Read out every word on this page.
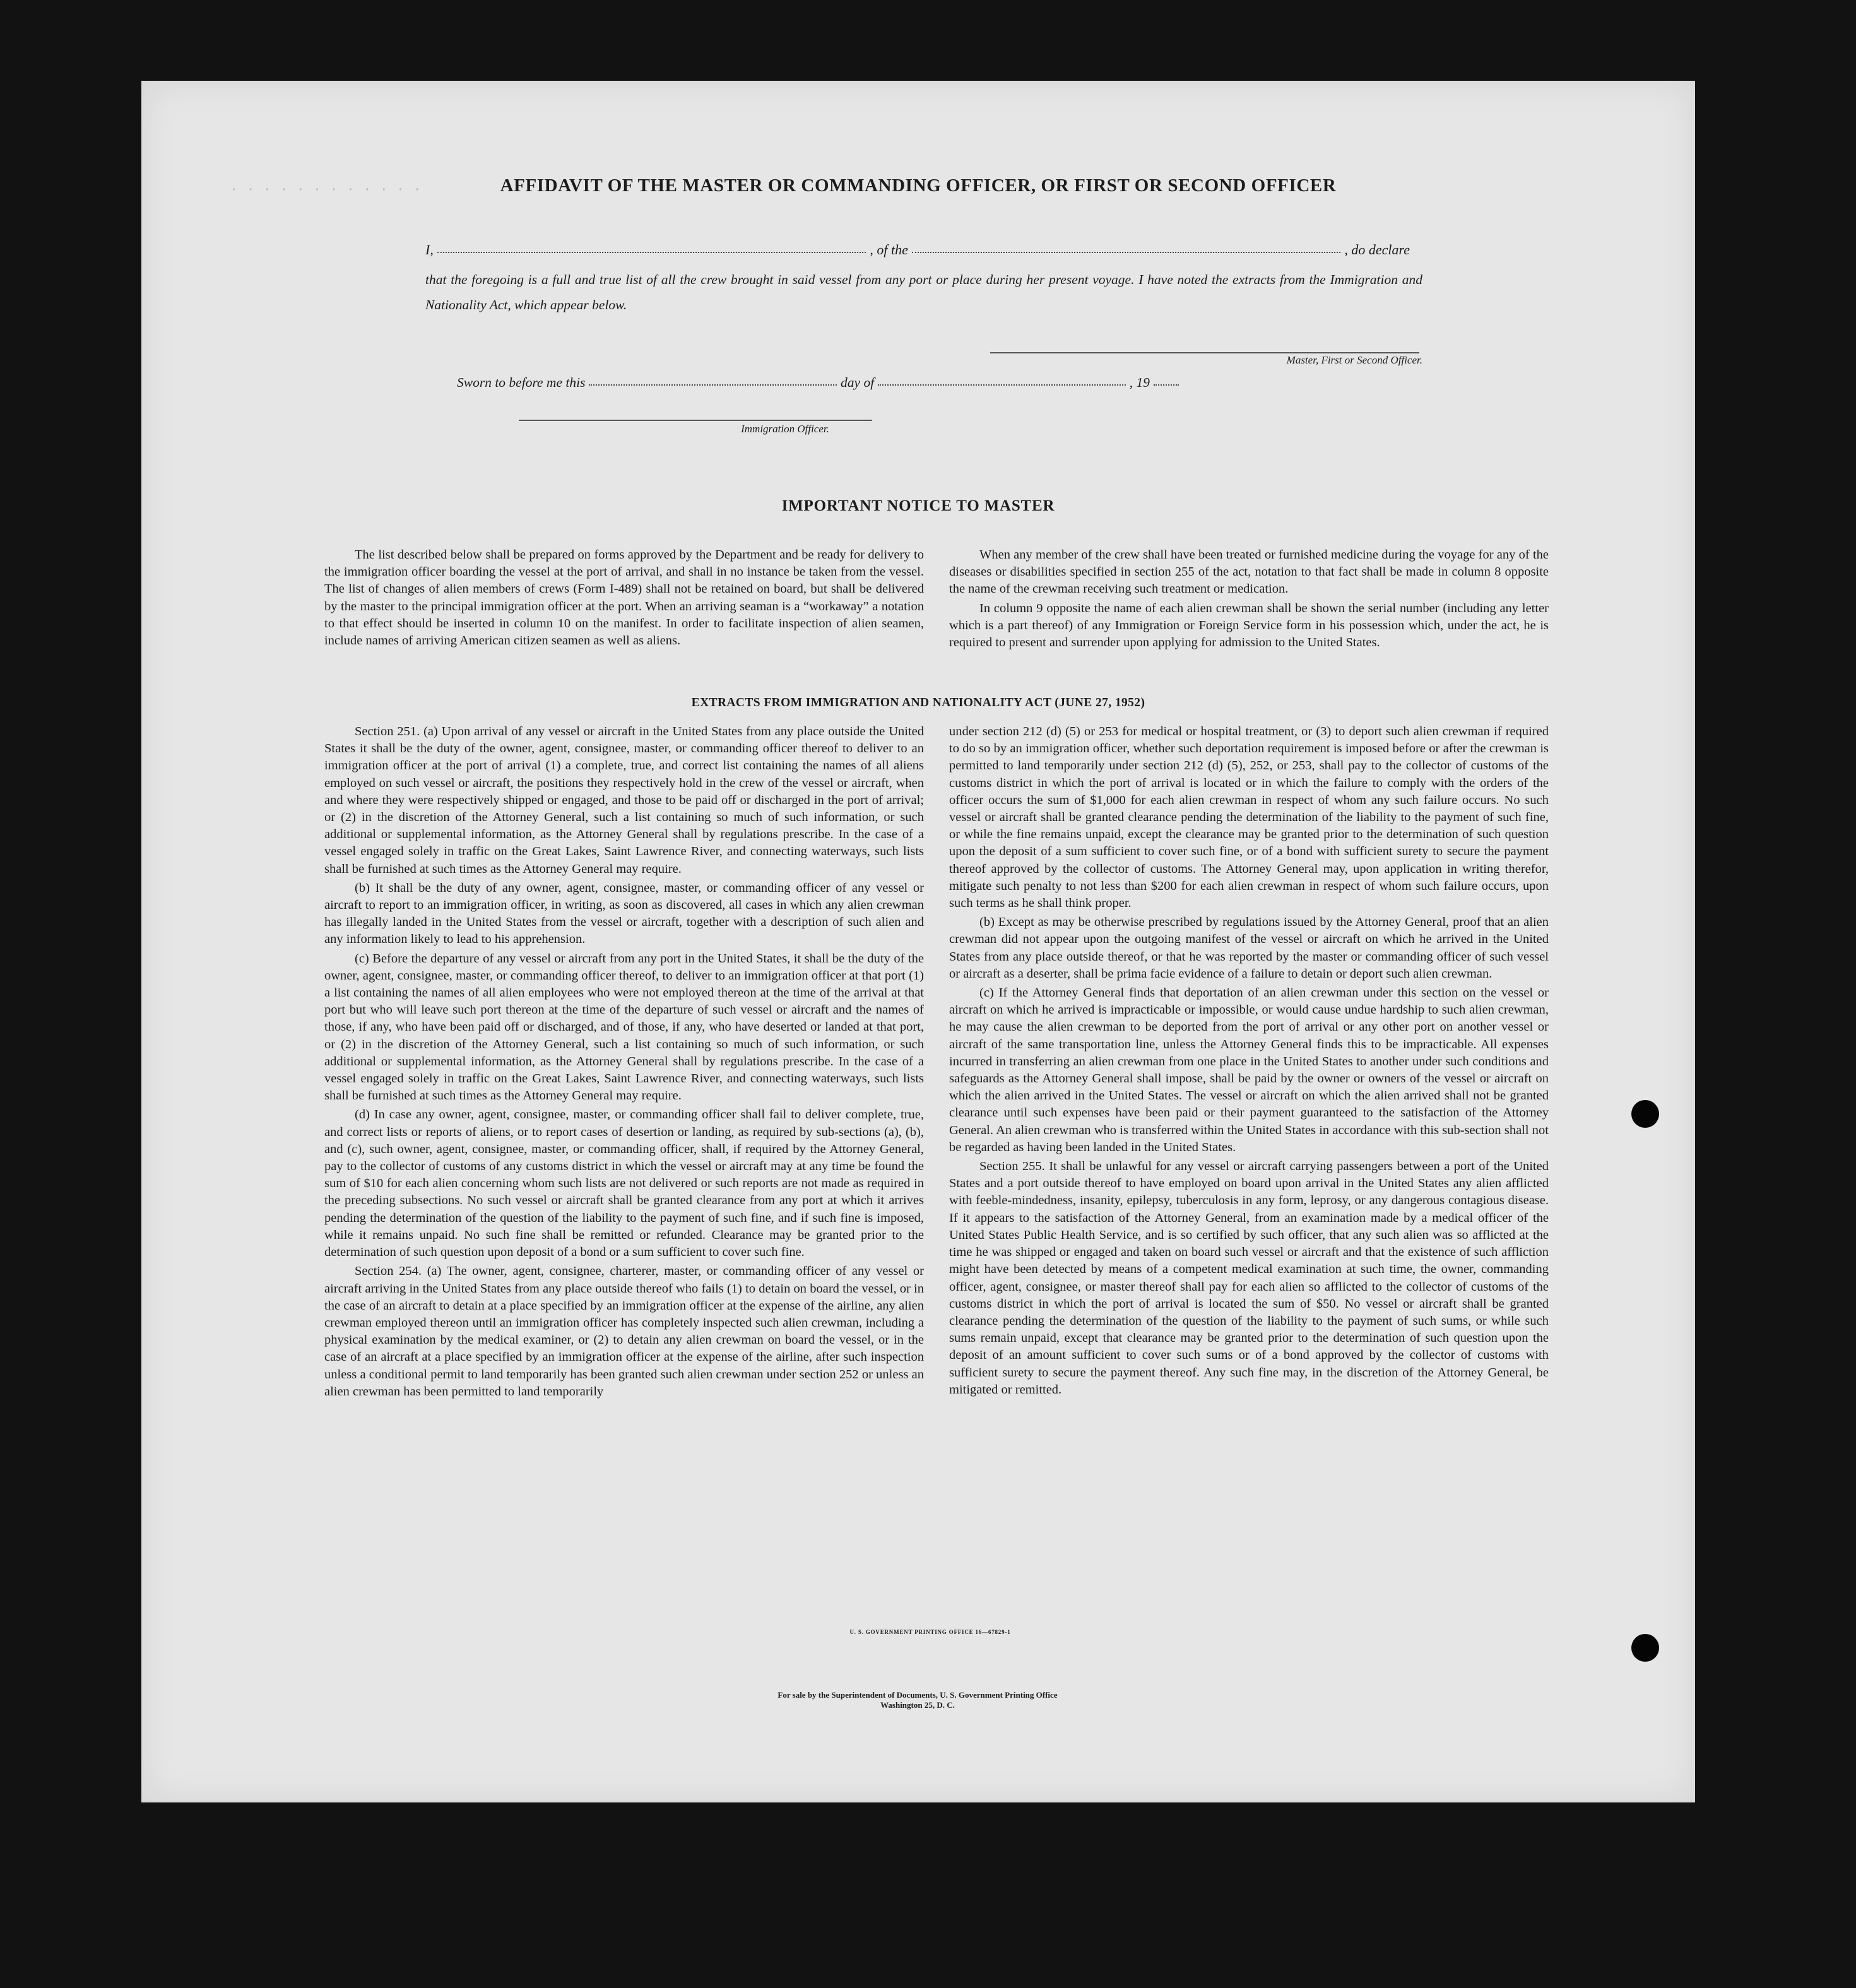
· · · · · · · · · · · ·	AFFIDAVIT OF THE MASTER OR COMMANDING OFFICER, OR FIRST OR SECOND OFFICER
I,	, of the	, do declare
that the foregoing is a full and true list of all the crew brought in said vessel from any port or place during her present voyage. I have noted the extracts from the Immigration and Nationality Act, which appear below.
Master, First or Second Officer.
Sworn to before me this	day of	, 19
Immigration Officer.
IMPORTANT NOTICE TO MASTER

The list described below shall be prepared on forms approved by the Department and be ready for delivery to the immigration officer boarding the vessel at the port of arrival, and shall in no instance be taken from the vessel. The list of changes of alien members of crews (Form I-489) shall not be retained on board, but shall be delivered by the master to the principal immigration officer at the port. When an arriving seaman is a “workaway” a notation to that effect should be inserted in column 10 on the manifest. In order to facilitate inspection of alien seamen, include names of arriving American citizen seamen as well as aliens.

When any member of the crew shall have been treated or furnished medicine during the voyage for any of the diseases or disabilities specified in section 255 of the act, notation to that fact shall be made in column 8 opposite the name of the crewman receiving such treatment or medication.

In column 9 opposite the name of each alien crewman shall be shown the serial number (including any letter which is a part thereof) of any Immigration or Foreign Service form in his possession which, under the act, he is required to present and surrender upon applying for admission to the United States.

EXTRACTS FROM IMMIGRATION AND NATIONALITY ACT (JUNE 27, 1952)

Section 251. (a) Upon arrival of any vessel or aircraft in the United States from any place outside the United States it shall be the duty of the owner, agent, consignee, master, or commanding officer thereof to deliver to an immigration officer at the port of arrival (1) a complete, true, and correct list containing the names of all aliens employed on such vessel or aircraft, the positions they respectively hold in the crew of the vessel or aircraft, when and where they were respectively shipped or engaged, and those to be paid off or discharged in the port of arrival; or (2) in the discretion of the Attorney General, such a list containing so much of such information, or such additional or supplemental information, as the Attorney General shall by regulations prescribe. In the case of a vessel engaged solely in traffic on the Great Lakes, Saint Lawrence River, and connecting waterways, such lists shall be furnished at such times as the Attorney General may require.

(b) It shall be the duty of any owner, agent, consignee, master, or commanding officer of any vessel or aircraft to report to an immigration officer, in writing, as soon as discovered, all cases in which any alien crewman has illegally landed in the United States from the vessel or aircraft, together with a description of such alien and any information likely to lead to his apprehension.

(c) Before the departure of any vessel or aircraft from any port in the United States, it shall be the duty of the owner, agent, consignee, master, or commanding officer thereof, to deliver to an immigration officer at that port (1) a list containing the names of all alien employees who were not employed thereon at the time of the arrival at that port but who will leave such port thereon at the time of the departure of such vessel or aircraft and the names of those, if any, who have been paid off or discharged, and of those, if any, who have deserted or landed at that port, or (2) in the discretion of the Attorney General, such a list containing so much of such information, or such additional or supplemental information, as the Attorney General shall by regulations prescribe. In the case of a vessel engaged solely in traffic on the Great Lakes, Saint Lawrence River, and connecting waterways, such lists shall be furnished at such times as the Attorney General may require.

(d) In case any owner, agent, consignee, master, or commanding officer shall fail to deliver complete, true, and correct lists or reports of aliens, or to report cases of desertion or landing, as required by sub-sections (a), (b), and (c), such owner, agent, consignee, master, or commanding officer, shall, if required by the Attorney General, pay to the collector of customs of any customs district in which the vessel or aircraft may at any time be found the sum of $10 for each alien concerning whom such lists are not delivered or such reports are not made as required in the preceding subsections. No such vessel or aircraft shall be granted clearance from any port at which it arrives pending the determination of the question of the liability to the payment of such fine, and if such fine is imposed, while it remains unpaid. No such fine shall be remitted or refunded. Clearance may be granted prior to the determination of such question upon deposit of a bond or a sum sufficient to cover such fine.

Section 254. (a) The owner, agent, consignee, charterer, master, or commanding officer of any vessel or aircraft arriving in the United States from any place outside thereof who fails (1) to detain on board the vessel, or in the case of an aircraft to detain at a place specified by an immigration officer at the expense of the airline, any alien crewman employed thereon until an immigration officer has completely inspected such alien crewman, including a physical examination by the medical examiner, or (2) to detain any alien crewman on board the vessel, or in the case of an aircraft at a place specified by an immigration officer at the expense of the airline, after such inspection unless a conditional permit to land temporarily has been granted such alien crewman under section 252 or unless an alien crewman has been permitted to land temporarily

under section 212 (d) (5) or 253 for medical or hospital treatment, or (3) to deport such alien crewman if required to do so by an immigration officer, whether such deportation requirement is imposed before or after the crewman is permitted to land temporarily under section 212 (d) (5), 252, or 253, shall pay to the collector of customs of the customs district in which the port of arrival is located or in which the failure to comply with the orders of the officer occurs the sum of $1,000 for each alien crewman in respect of whom any such failure occurs. No such vessel or aircraft shall be granted clearance pending the determination of the liability to the payment of such fine, or while the fine remains unpaid, except the clearance may be granted prior to the determination of such question upon the deposit of a sum sufficient to cover such fine, or of a bond with sufficient surety to secure the payment thereof approved by the collector of customs. The Attorney General may, upon application in writing therefor, mitigate such penalty to not less than $200 for each alien crewman in respect of whom such failure occurs, upon such terms as he shall think proper.

(b) Except as may be otherwise prescribed by regulations issued by the Attorney General, proof that an alien crewman did not appear upon the outgoing manifest of the vessel or aircraft on which he arrived in the United States from any place outside thereof, or that he was reported by the master or commanding officer of such vessel or aircraft as a deserter, shall be prima facie evidence of a failure to detain or deport such alien crewman.

(c) If the Attorney General finds that deportation of an alien crewman under this section on the vessel or aircraft on which he arrived is impracticable or impossible, or would cause undue hardship to such alien crewman, he may cause the alien crewman to be deported from the port of arrival or any other port on another vessel or aircraft of the same transportation line, unless the Attorney General finds this to be impracticable. All expenses incurred in transferring an alien crewman from one place in the United States to another under such conditions and safeguards as the Attorney General shall impose, shall be paid by the owner or owners of the vessel or aircraft on which the alien arrived in the United States. The vessel or aircraft on which the alien arrived shall not be granted clearance until such expenses have been paid or their payment guaranteed to the satisfaction of the Attorney General. An alien crewman who is transferred within the United States in accordance with this sub-section shall not be regarded as having been landed in the United States.

Section 255. It shall be unlawful for any vessel or aircraft carrying passengers between a port of the United States and a port outside thereof to have employed on board upon arrival in the United States any alien afflicted with feeble-mindedness, insanity, epilepsy, tuberculosis in any form, leprosy, or any dangerous contagious disease. If it appears to the satisfaction of the Attorney General, from an examination made by a medical officer of the United States Public Health Service, and is so certified by such officer, that any such alien was so afflicted at the time he was shipped or engaged and taken on board such vessel or aircraft and that the existence of such affliction might have been detected by means of a competent medical examination at such time, the owner, commanding officer, agent, consignee, or master thereof shall pay for each alien so afflicted to the collector of customs of the customs district in which the port of arrival is located the sum of $50. No vessel or aircraft shall be granted clearance pending the determination of the question of the liability to the payment of such sums, or while such sums remain unpaid, except that clearance may be granted prior to the determination of such question upon the deposit of an amount sufficient to cover such sums or of a bond approved by the collector of customs with sufficient surety to secure the payment thereof. Any such fine may, in the discretion of the Attorney General, be mitigated or remitted.

U. S. GOVERNMENT PRINTING OFFICE 16—67829-1
For sale by the Superintendent of Documents, U. S. Government Printing Office
Washington 25, D. C.
